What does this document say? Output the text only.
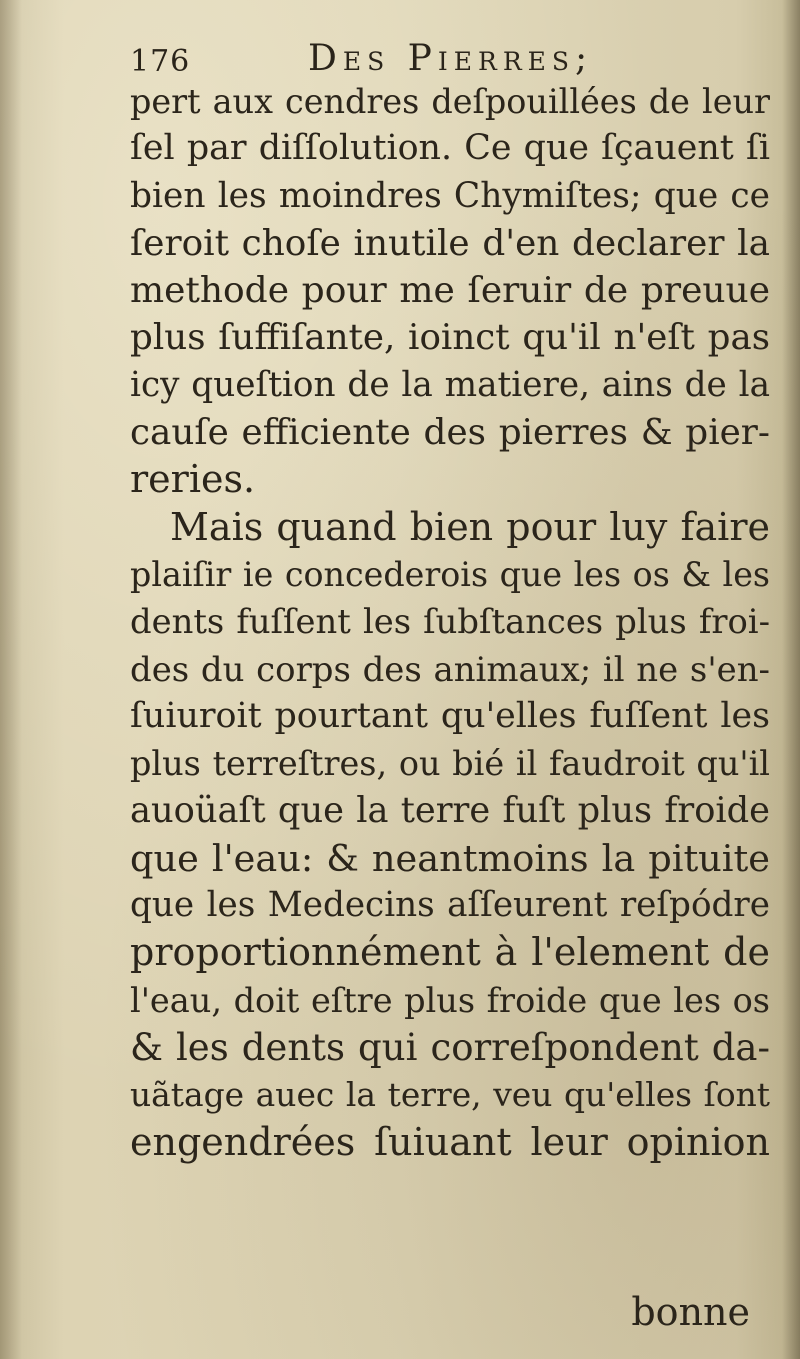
176	Des Pierres;
pert aux cendres deſpouillées de leur
ſel par diſſolution. Ce que ſçauent ſi
bien les moindres Chymiſtes; que ce
ſeroit choſe inutile d'en declarer la
methode pour me ſeruir de preuue
plus ſuffiſante, ioinct qu'il n'eſt pas
icy queſtion de la matiere, ains de la
cauſe efficiente des pierres & pier-
reries.
Mais quand bien pour luy faire
plaiſir ie concederois que les os & les
dents fuſſent les ſubſtances plus froi-
des du corps des animaux; il ne s'en-
ſuiuroit pourtant qu'elles fuſſent les
plus terreſtres, ou bié il faudroit qu'il
auoüaſt que la terre fuſt plus froide
que l'eau: & neantmoins la pituite
que les Medecins aſſeurent reſpódre
proportionnément à l'element de
l'eau, doit eſtre plus froide que les os
& les dents qui correſpondent da-
uãtage auec la terre, veu qu'elles ſont
engendrées ſuiuant leur opinion
bonne
